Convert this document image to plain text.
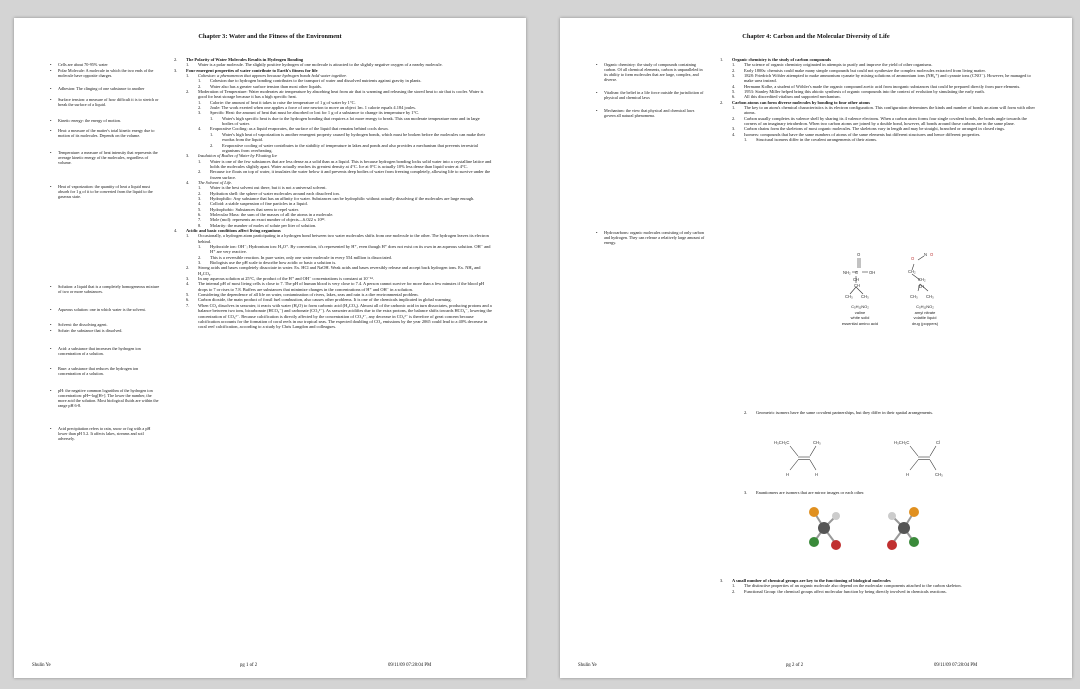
Chapter 3: Water and the Fitness of the Environment
• Cells are about 70-95% water
• Polar Molecule: A molecule in which the two ends of the molecule have opposite charges.
• Adhesion: The clinging of one substance to another
• Surface tension: a measure of how difficult it is to stretch or break the surface of a liquid.
• Kinetic energy: the energy of motion.
• Heat: a measure of the matter's total kinetic energy due to motion of its molecules. Depends on the volume.
• Temperature: a measure of heat intensity that represents the average kinetic energy of the molecules, regardless of volume.
• Heat of vaporization: the quantity of heat a liquid must absorb for 1 g of it to be converted from the liquid to the gaseous state.
• Solution: a liquid that is a completely homogeneous mixture of two or more substances.
• Aqueous solution: one in which water is the solvent.
• Solvent: the dissolving agent.
• Solute: the substance that is dissolved.
• Acid: a substance that increases the hydrogen ion concentration of a solution.
• Base: a substance that reduces the hydrogen ion concentration of a solution.
• pH: the negative common logarithm of the hydrogen ion concentration: pH=-log[H+]. The lower the number, the more acid the solution. Most biological fluids are within the range pH 6-8.
• Acid precipitation refers to rain, snow or fog with a pH lower than pH 5.2. It affects lakes, streams and soil adversely.
2.	The Polarity of Water Molecules Results in Hydrogen Bonding
1.	Water is a polar molecule. The slightly positive hydrogen of one molecule is attracted to the slightly negative oxygen of a nearby molecule.
3.	Four emergent properties of water contribute to Earth's fitness for life
1.	Cohesion: a phenomenon that appears because hydrogen bonds hold water together.
1.	Cohesion due to hydrogen bonding contributes to the transport of water and dissolved nutrients against gravity in plants.
2.	Water also has a greater surface tension than most other liquids.
2.	Moderation of Temperature: Water moderates air temperature by absorbing heat from air that is warming and releasing the stored heat to air that is cooler. Water is good for heat storage because it has a high specific heat.
1.	Calorie: the amount of heat it takes to raise the temperature of 1 g of water by 1°C.
2.	Joule: The work exerted when one applies a force of one newton to move an object 1m. 1 calorie equals 4.184 joules.
3.	Specific Heat: the amount of heat that must be absorbed or lost for 1 g of a substance to change its temperature by 1°C.
1.	Water's high specific heat is due to the hydrogen bonding that requires a lot more energy to break. This can moderate temperature near and in large bodies of water.
4.	Evaporative Cooling: as a liquid evaporates, the surface of the liquid that remains behind cools down.
1.	Water's high heat of vaporization is another emergent property caused by hydrogen bonds, which must be broken before the molecules can make their exodus from the liquid.
2.	Evaporative cooling of water contributes to the stability of temperature in lakes and ponds and also provides a mechanism that prevents terrestrial organisms from overheating.
3.	Insulation of Bodies of Water by Floating Ice
1.	Water is one of the few substances that are less dense as a solid than as a liquid. This is because hydrogen bonding locks solid water into a crystalline lattice and holds the molecules slightly apart. Water actually reaches its greatest density at 4°C. Ice at 0°C is actually 10% less dense than liquid water at 4°C.
2.	Because ice floats on top of water, it insulates the water below it and prevents deep bodies of water from freezing completely, allowing life to survive under the frozen surface.
4.	The Solvent of Life.
1.	Water is the best solvent out there, but it is not a universal solvent.
2.	Hydration shell: the sphere of water molecules around each dissolved ion.
3.	Hydrophilic: Any substance that has an affinity for water. Substances can be hydrophilic without actually dissolving if the molecules are large enough.
4.	Colloid: a stable suspension of fine particles in a liquid.
5.	Hydrophobic: Substances that seem to repel water.
6.	Molecular Mass: the sum of the masses of all the atoms in a molecule.
7.	Mole (mol): represents an exact number of objects—6.022 x 10²³.
8.	Molarity: the number of moles of solute per liter of solution.
4.	Acidic and basic conditions affect living organisms
1.	Occasionally, a hydrogen atom participating in a hydrogen bond between two water molecules shifts from one molecule to the other. The hydrogen leaves its electron behind.
1.	Hydroxide ion: OH⁻; Hydronium ion: H₃O⁺. By convention, it's represented by H⁺, even though H⁺ does not exist on its own in an aqueous solution. OH⁻ and H⁺ are very reactive.
2.	This is a reversible reaction. In pure water, only one water molecule in every 554 million is dissociated.
3.	Biologists use the pH scale to describe how acidic or basic a solution is.
2.	Strong acids and bases completely dissociate in water. Ex. HCl and NaOH. Weak acids and bases reversibly release and accept back hydrogen ions. Ex. NH₃ and H₂CO₃.
3.	In any aqueous solution at 25°C, the product of the H⁺ and OH⁻ concentrations is constant at 10⁻¹⁴.
4.	The internal pH of most living cells is close to 7. The pH of human blood is very close to 7.4. A person cannot survive for more than a few minutes if the blood pH drops to 7 or rises to 7.8. Buffers are substances that minimize changes in the concentrations of H⁺ and OH⁻ in a solution.
5.	Considering the dependence of all life on water, contamination of rivers, lakes, seas and rain is a dire environmental problem.
6.	Carbon dioxide, the main product of fossil fuel combustion, also causes other problems. It is one of the chemicals implicated in global warming.
7.	When CO₂ dissolves in seawater, it reacts with water (H₂O) to form carbonic acid (H₂CO₃). Almost all of the carbonic acid in turn dissociates, producing protons and a balance between two ions, bicarbonate (HCO₃⁻) and carbonate (CO₃²⁻). As seawater acidifies due to the extra protons, the balance shifts towards HCO₃⁻, lowering the concentration of CO₃²⁻. Because calcification is directly affected by the concentration of CO₃²⁻, any decrease in CO₃²⁻ is therefore of great concern because calcification accounts for the formation of coral reefs in our tropical seas. The expected doubling of CO₂ emissions by the year 2065 could lead to a 40% decrease in coral reef calcification, according to a study by Chris Langdon and colleagues.
Shulin Ye	pg 1 of 2	09/11/09 07:28:04 PM
Chapter 4: Carbon and the Molecular Diversity of Life
• Organic chemistry: the study of compounds containing carbon. Of all chemical elements, carbon is unparalleled in its ability to form molecules that are large, complex, and diverse.
• Vitalism: the belief in a life force outside the jurisdiction of physical and chemical laws
• Mechanism: the view that physical and chemical laws govern all natural phenomena.
• Hydrocarbons: organic molecules consisting of only carbon and hydrogen. They can release a relatively large amount of energy.
1.	Organic chemistry is the study of carbon compounds
1.	The science of organic chemistry originated in attempts to purify and improve the yield of other organisms.
2.	Early 1800s: chemists could make many simple compounds but could not synthesize the complex molecules extracted from living matter.
3.	1828: Friedrich Wöhler attempted to make ammonium cyanate by mixing solutions of ammonium ions (NH₄⁺) and cyanate ions (CNO⁻). However, he managed to make urea instead.
4.	Hermann Kolbe, a student of Wöhler's made the organic compound acetic acid from inorganic substances that could be prepared directly from pure elements.
5.	1953: Stanley Miller helped bring this abiotic synthesis of organic compounds into the context of evolution by simulating the early earth.
6.	All this discredited vitalism and supported mechanism.
2.	Carbon atoms can form diverse molecules by bonding to four other atoms
1.	The key to an atom's chemical characteristics is its electron configuration. This configuration determines the kinds and number of bonds an atom will form with other atoms.
2.	Carbon usually completes its valence shell by sharing its 4 valence electrons. When a carbon atom forms four single covalent bonds, the bonds angle towards the corners of an imaginary tetrahedron. When two carbon atoms are joined by a double bond, however, all bonds around those carbons are in the same plane.
3.	Carbon chains form the skeletons of most organic molecules. The skeletons vary in length and may be straight, branched or arranged in closed rings.
4.	Isomers: compounds that have the same numbers of atoms of the same elements but different structures and hence different properties.
1.	Structural isomers differ in the covalent arrangements of their atoms.
O
NH₂ C	OH
CH
CH
CH₃ CH₃
O
N O
CH₂
CH₂
CH
CH₃ CH₃
C₅H₁₁NO₂
valine
white solid
essential amino acid
C₅H₁₁NO₂
amyl nitrate
volatile liquid
drug (poppers)
2.	Geometric isomers have the same covalent partnerships, but they differ in their spatial arrangements.
H₃CH₂C	CH₃
H	H
H₃CH₂C	Cl
H	CH₃
3.	Enantiomers are isomers that are mirror images or each other.
3.	A small number of chemical groups are key to the functioning of biological molecules
1.	The distinctive properties of an organic molecule also depend on the molecular components attached to the carbon skeleton.
2.	Functional Group: the chemical groups affect molecular function by being directly involved in chemicals reactions.
Shulin Ye	pg 2 of 2	09/11/09 07:28:04 PM
